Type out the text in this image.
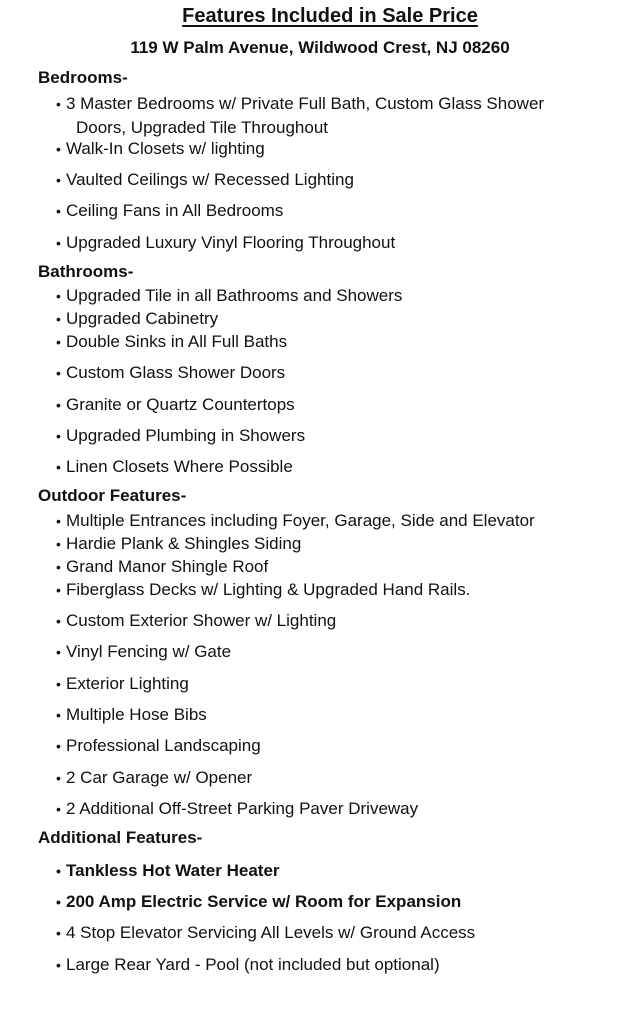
Features Included in Sale Price
119 W Palm Avenue, Wildwood Crest, NJ 08260
Bedrooms-
• 3 Master Bedrooms w/ Private Full Bath, Custom Glass Shower
Doors, Upgraded Tile Throughout
• Walk-In Closets w/ lighting
• Vaulted Ceilings w/ Recessed Lighting
• Ceiling Fans in All Bedrooms
• Upgraded Luxury Vinyl Flooring Throughout
Bathrooms-
• Upgraded Tile in all Bathrooms and Showers
• Upgraded Cabinetry
• Double Sinks in All Full Baths
• Custom Glass Shower Doors
• Granite or Quartz Countertops
• Upgraded Plumbing in Showers
• Linen Closets Where Possible
Outdoor Features-
• Multiple Entrances including Foyer, Garage, Side and Elevator
• Hardie Plank & Shingles Siding
• Grand Manor Shingle Roof
• Fiberglass Decks w/ Lighting & Upgraded Hand Rails.
• Custom Exterior Shower w/ Lighting
• Vinyl Fencing w/ Gate
• Exterior Lighting
• Multiple Hose Bibs
• Professional Landscaping
• 2 Car Garage w/ Opener
• 2 Additional Off-Street Parking Paver Driveway
Additional Features-
• Tankless Hot Water Heater
• 200 Amp Electric Service w/ Room for Expansion
• 4 Stop Elevator Servicing All Levels w/ Ground Access
• Large Rear Yard - Pool (not included but optional)
